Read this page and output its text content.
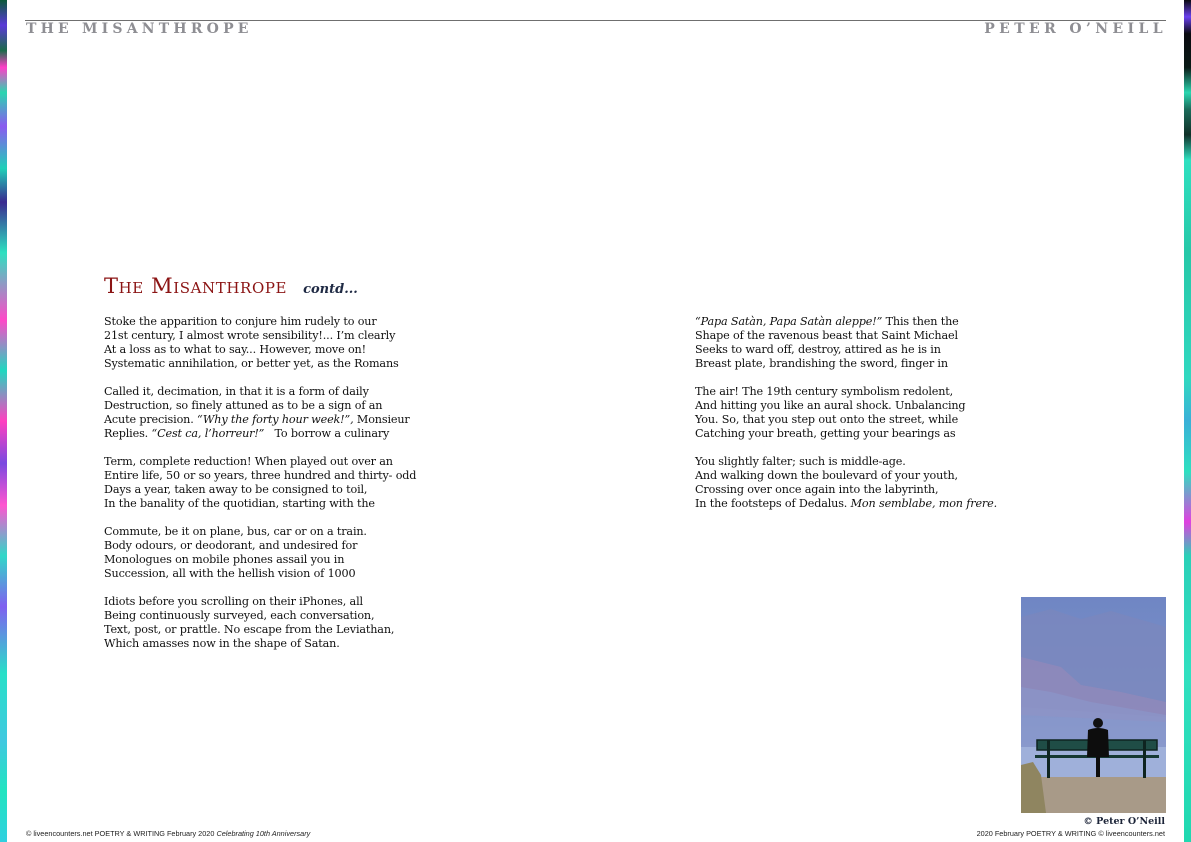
THE MISANTHROPE	PETER O’NEILL
The Misanthrope contd...
Stoke the apparition to conjure him rudely to our
21st century, I almost wrote sensibility!... I’m clearly
At a loss as to what to say... However, move on!
Systematic annihilation, or better yet, as the Romans
Called it, decimation, in that it is a form of daily
Destruction, so finely attuned as to be a sign of an
Acute precision. “Why the forty hour week!”, Monsieur
Replies. “Cest ca, l’horreur!”   To borrow a culinary
Term, complete reduction! When played out over an
Entire life, 50 or so years, three hundred and thirty- odd
Days a year, taken away to be consigned to toil,
In the banality of the quotidian, starting with the
Commute, be it on plane, bus, car or on a train.
Body odours, or deodorant, and undesired for
Monologues on mobile phones assail you in
Succession, all with the hellish vision of 1000
Idiots before you scrolling on their iPhones, all
Being continuously surveyed, each conversation,
Text, post, or prattle. No escape from the Leviathan,
Which amasses now in the shape of Satan.
“Papa Satàn, Papa Satàn aleppe!” This then the
Shape of the ravenous beast that Saint Michael
Seeks to ward off, destroy, attired as he is in
Breast plate, brandishing the sword, finger in
The air! The 19th century symbolism redolent,
And hitting you like an aural shock. Unbalancing
You. So, that you step out onto the street, while
Catching your breath, getting your bearings as
You slightly falter; such is middle-age.
And walking down the boulevard of your youth,
Crossing over once again into the labyrinth,
In the footsteps of Dedalus. Mon semblabe, mon frere.
© Peter O’Neill
© liveencounters.net POETRY & WRITING February 2020 Celebrating 10th Anniversary	2020 February POETRY & WRITING © liveencounters.net
